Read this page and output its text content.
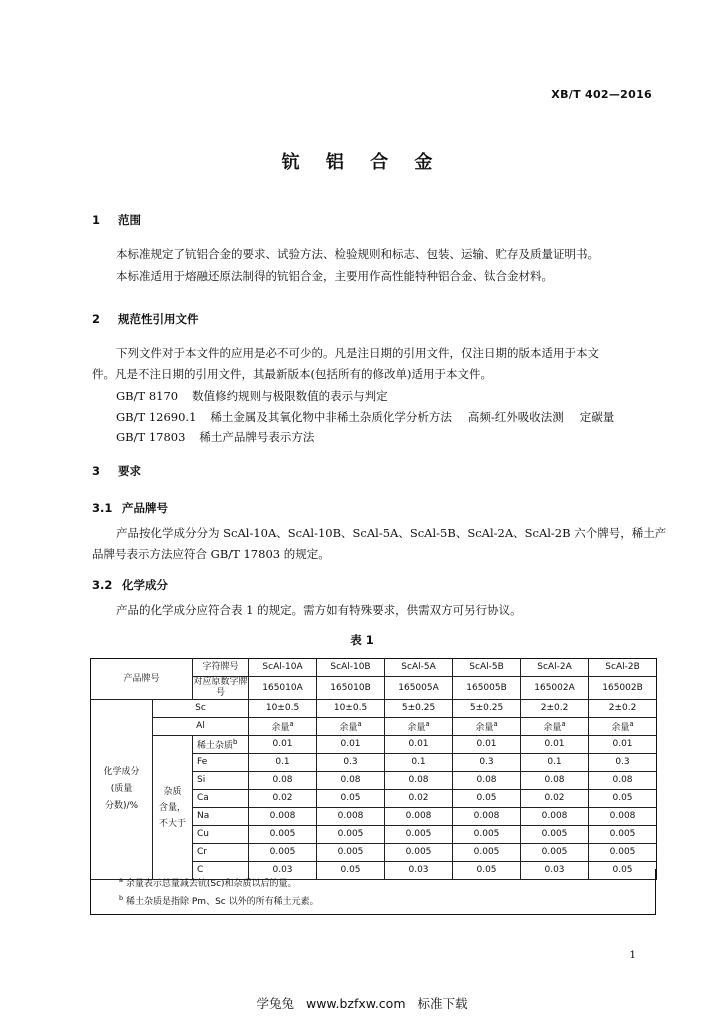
XB/T 402—2016
钪 铝 合 金
1 范围
本标准规定了钪铝合金的要求、试验方法、检验规则和标志、包装、运输、贮存及质量证明书。
本标准适用于熔融还原法制得的钪铝合金，主要用作高性能特种铝合金、钛合金材料。
2 规范性引用文件
下列文件对于本文件的应用是必不可少的。凡是注日期的引用文件，仅注日期的版本适用于本文
件。凡是不注日期的引用文件，其最新版本(包括所有的修改单)适用于本文件。
GB/T 8170 数值修约规则与极限数值的表示与判定
GB/T 12690.1 稀土金属及其氧化物中非稀土杂质化学分析方法 高频-红外吸收法测 定碳量
GB/T 17803 稀土产品牌号表示方法
3 要求
3.1 产品牌号
产品按化学成分分为 ScAl-10A、ScAl-10B、ScAl-5A、ScAl-5B、ScAl-2A、ScAl-2B 六个牌号，稀土产
品牌号表示方法应符合 GB/T 17803 的规定。
3.2 化学成分
产品的化学成分应符合表 1 的规定。需方如有特殊要求，供需双方可另行协议。
表 1
产品牌号		字符牌号	ScAl-10A	ScAl-10B	ScAl-5A	ScAl-5B	ScAl-2A	ScAl-2B
		对应原数字牌号	165010A	165010B	165005A	165005B	165002A	165002B

化学成分
(质量
分数)/%	Sc		10±0.5	10±0.5	5±0.25	5±0.25	2±0.2	2±0.2
	Al		余量$^a$	余量$^a$	余量$^a$	余量$^a$	余量$^a$	余量$^a$

	杂质
含量，
不大于	稀土杂质$^b$	0.01	0.01	0.01	0.01	0.01	0.01
		Fe	0.1	0.3	0.1	0.3	0.1	0.3
		Si	0.08	0.08	0.08	0.08	0.08	0.08
		Ca	0.02	0.05	0.02	0.05	0.02	0.05
		Na	0.008	0.008	0.008	0.008	0.008	0.008
		Cu	0.005	0.005	0.005	0.005	0.005	0.005
		Cr	0.005	0.005	0.005	0.005	0.005	0.005
		C	0.03	0.05	0.03	0.05	0.03	0.05
$^a$ 余量表示总量减去钪(Sc)和杂质以后的量。
$^b$ 稀土杂质是指除 Pm、Sc 以外的所有稀土元素。
1
学兔兔 www.bzfxw.com 标准下载
